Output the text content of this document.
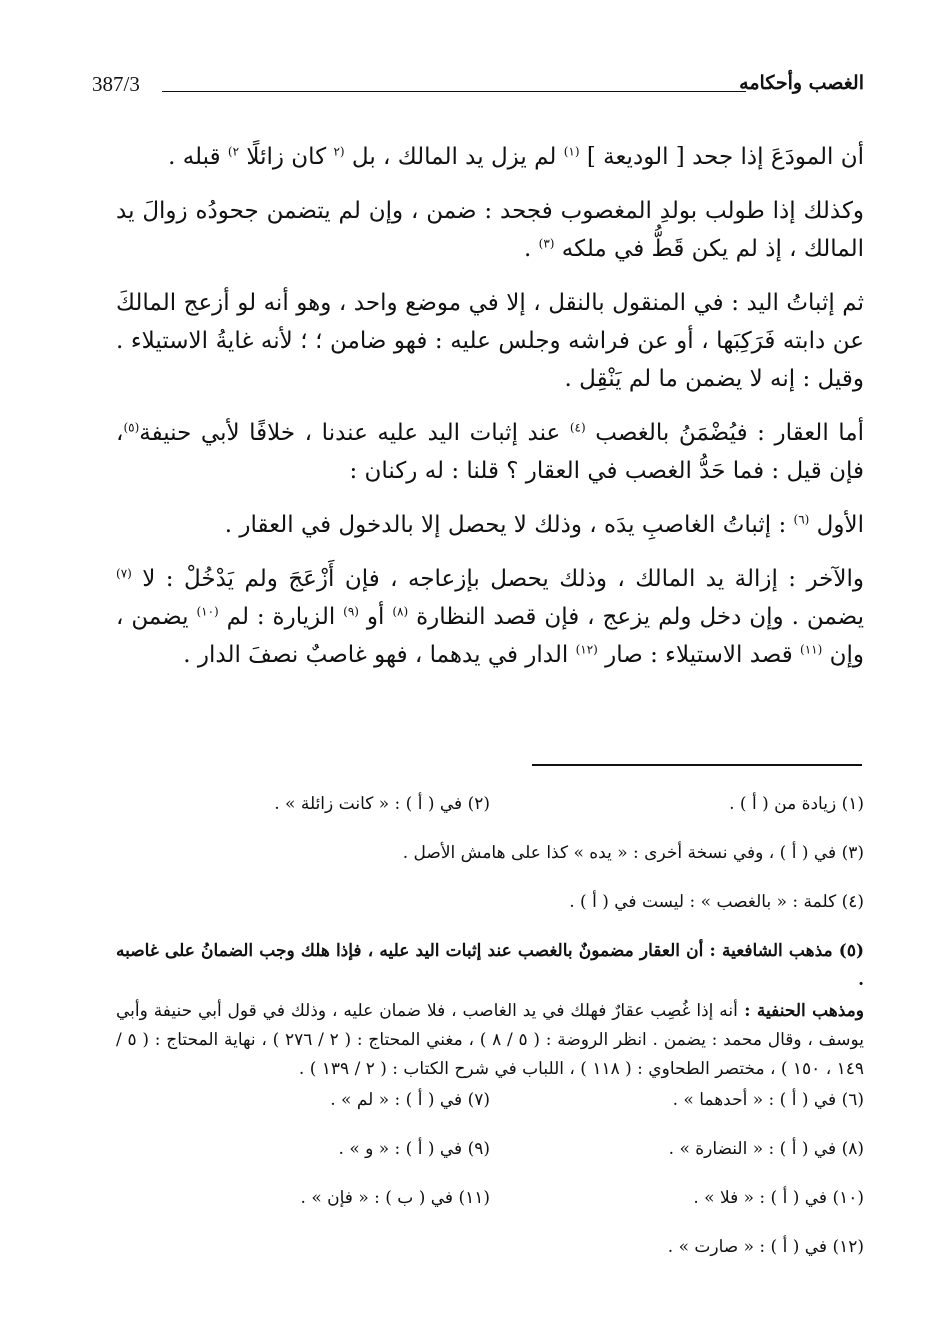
387/3	الغصب وأحكامه

أن المودَعَ إذا جحد [ الوديعة ] $^{(١)}$ لم يزل يد المالك ، بل $^{(٢}$ كان زائلًا $^{٢)}$ قبله .

وكذلك إذا طولب بولدِ المغصوب فجحد : ضمن ، وإن لم يتضمن جحودُه زوالَ يد المالك ، إذ لم يكن قَطُّ في ملكه $^{(٣)}$ .

ثم إثباتُ اليد : في المنقول بالنقل ، إلا في موضع واحد ، وهو أنه لو أزعج المالكَ عن دابته فَرَكِبَها ، أو عن فراشه وجلس عليه : فهو ضامن ؛ ؛ لأنه غايةُ الاستيلاء . وقيل : إنه لا يضمن ما لم يَنْقِل .

أما العقار : فيُضْمَنُ بالغصب $^{(٤)}$ عند إثبات اليد عليه عندنا ، خلافًا لأبي حنيفة$^{(٥)}$، فإن قيل : فما حَدُّ الغصب في العقار ؟ قلنا : له ركنان :

الأول $^{(٦)}$ : إثباتُ الغاصبِ يدَه ، وذلك لا يحصل إلا بالدخول في العقار .

والآخر : إزالة يد المالك ، وذلك يحصل بإزعاجه ، فإن أَزْعَجَ ولم يَدْخُلْ : لا $^{(٧)}$ يضمن . وإن دخل ولم يزعج ، فإن قصد النظارة $^{(٨)}$ أو $^{(٩)}$ الزيارة : لم $^{(١٠)}$ يضمن ، وإن $^{(١١)}$ قصد الاستيلاء : صار $^{(١٢)}$ الدار في يدهما ، فهو غاصبٌ نصفَ الدار .

(١) زيادة من ( أ ) .
(٢) في ( أ ) : « كانت زائلة » .
(٣) في ( أ ) ، وفي نسخة أخرى : « يده » كذا على هامش الأصل .
(٤) كلمة : « بالغصب » : ليست في ( أ ) .
(٥) مذهب الشافعية : أن العقار مضمونٌ بالغصب عند إثبات اليد عليه ، فإذا هلك وجب الضمانُ على غاصبه .
ومذهب الحنفية : أنه إذا غُصِب عقارٌ فهلك في يد الغاصب ، فلا ضمان عليه ، وذلك في قول أبي حنيفة وأبي يوسف ، وقال محمد : يضمن . انظر الروضة : ( ٥ / ٨ ) ، مغني المحتاج : ( ٢ / ٢٧٦ ) ، نهاية المحتاج : ( ٥ / ١٤٩ ، ١٥٠ ) ، مختصر الطحاوي : ( ١١٨ ) ، اللباب في شرح الكتاب : ( ٢ / ١٣٩ ) .
(٦) في ( أ ) : « أحدهما » .
(٧) في ( أ ) : « لم » .
(٨) في ( أ ) : « النضارة » .
(٩) في ( أ ) : « و » .
(١٠) في ( أ ) : « فلا » .
(١١) في ( ب ) : « فإن » .
(١٢) في ( أ ) : « صارت » .
